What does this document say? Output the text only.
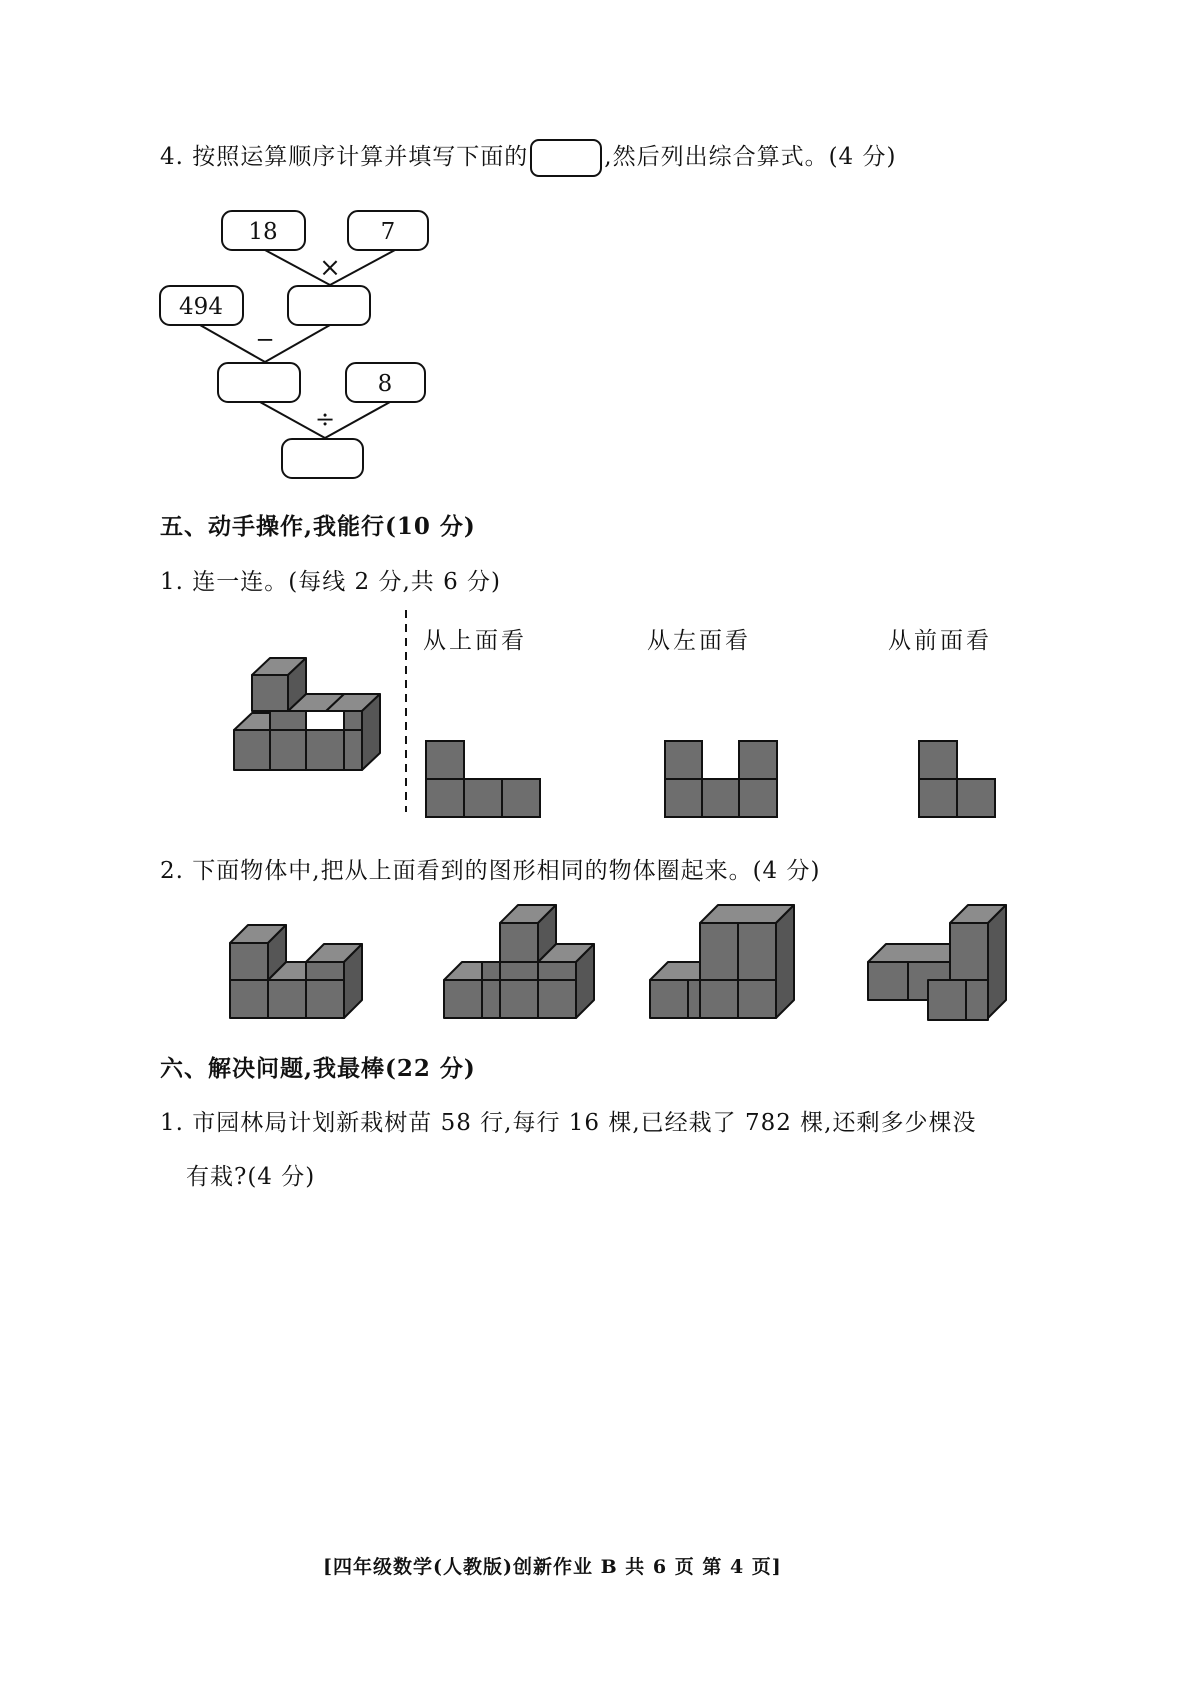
4. 按照运算顺序计算并填写下面的	,然后列出综合算式。(4 分)
18	7
×
494
−
8
÷
五、动手操作,我能行(10 分)
1. 连一连。(每线 2 分,共 6 分)
从上面看	从左面看	从前面看
2. 下面物体中,把从上面看到的图形相同的物体圈起来。(4 分)
六、解决问题,我最棒(22 分)
1. 市园林局计划新栽树苗 58 行,每行 16 棵,已经栽了 782 棵,还剩多少棵没
有栽?(4 分)
[四年级数学(人教版)创新作业 B 共 6 页 第 4 页]
